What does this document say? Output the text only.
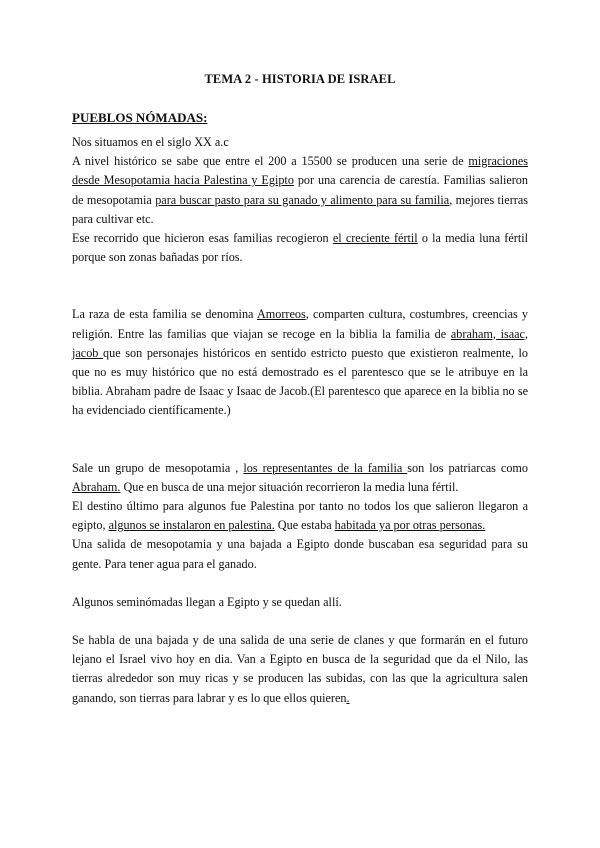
TEMA 2 - HISTORIA DE ISRAEL
PUEBLOS NÓMADAS:

Nos situamos en el siglo XX a.c

A nivel histórico se sabe que entre el 200 a 15500 se producen una serie de migraciones desde Mesopotamia hacia Palestina y Egipto por una carencia de carestía. Familias salieron de mesopotamia para buscar pasto para su ganado y alimento para su familia, mejores tierras para cultivar etc.

Ese recorrido que hicieron esas familias recogieron el creciente fértil o la media luna fértil porque son zonas bañadas por ríos.

La raza de esta familia se denomina Amorreos, comparten cultura, costumbres, creencias y religión. Entre las familias que viajan se recoge en la biblia la familia de abraham, isaac, jacob que son personajes históricos en sentido estricto puesto que existieron realmente, lo que no es muy histórico que no está demostrado es el parentesco que se le atribuye en la biblia. Abraham padre de Isaac y Isaac de Jacob.(El parentesco que aparece en la biblia no se ha evidenciado científicamente.)

Sale un grupo de mesopotamia , los representantes de la familia son los patriarcas como Abraham. Que en busca de una mejor situación recorrieron la media luna fértil.

El destino último para algunos fue Palestina por tanto no todos los que salieron llegaron a egipto, algunos se instalaron en palestina. Que estaba habitada ya por otras personas.

Una salida de mesopotamia y una bajada a Egipto donde buscaban esa seguridad para su gente. Para tener agua para el ganado.

Algunos seminómadas llegan a Egipto y se quedan allí.

Se habla de una bajada y de una salida de una serie de clanes y que formarán en el futuro lejano el Israel vivo hoy en dia. Van a Egipto en busca de la seguridad que da el Nilo, las tierras alrededor son muy ricas y se producen las subidas, con las que la agricultura salen ganando, son tierras para labrar y es lo que ellos quieren.
